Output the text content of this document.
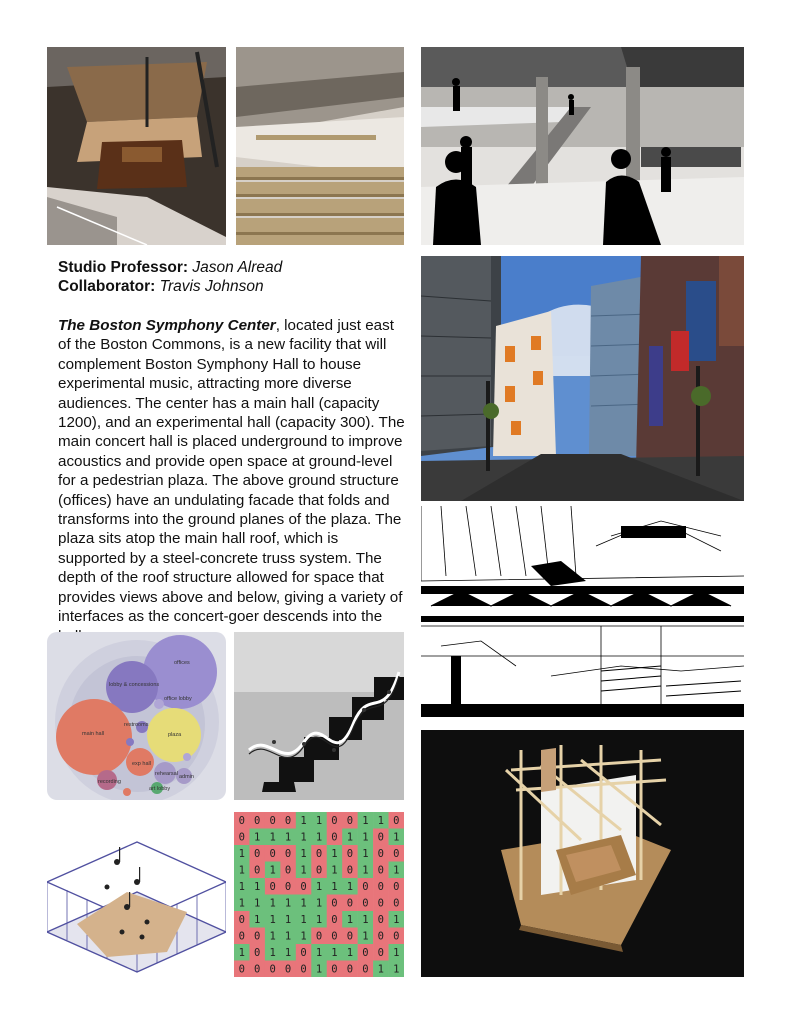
Studio Professor: Jason Alread
Collaborator: Travis Johnson
The Boston Symphony Center, located just east of the Boston Commons, is a new facility that will complement Boston Symphony Hall to house experimental music, attracting more diverse audiences. The center has a main hall (capacity 1200), and an experimental hall (capacity 300). The main concert hall is placed underground to improve acoustics and provide open space at ground-level for a pedestrian plaza. The above ground structure (offices) have an undulating facade that folds and transforms into the ground planes of the plaza. The plaza sits atop the main hall roof, which is supported by a steel-concrete truss system. The depth of the roof structure allowed for space that provides views above and below, giving a variety of interfaces as the concert-goer descends into the
offices
lobby & concessions
office lobby
main hall	plaza
restrooms
exp hall
rehearsal admin
recording
art lobby
0 0 0 0 1 1 0 0 1 1 0
0 1 1 1 1 1 0 1 1 0 1
1 0 0 0 1 0 1 0 1 0 0
1 0 1 0 1 0 1 0 1 0 1
1 1 0 0 0 1 1 1 0 0 0
1 1 1 1 1 1 0 0 0 0 0
0 1 1 1 1 1 0 1 1 0 1
0 0 1 1 1 0 0 0 1 0 0
1 0 1 1 0 1 1 1 0 0 1
0 0 0 0 0 1 0 0 0 1 1
